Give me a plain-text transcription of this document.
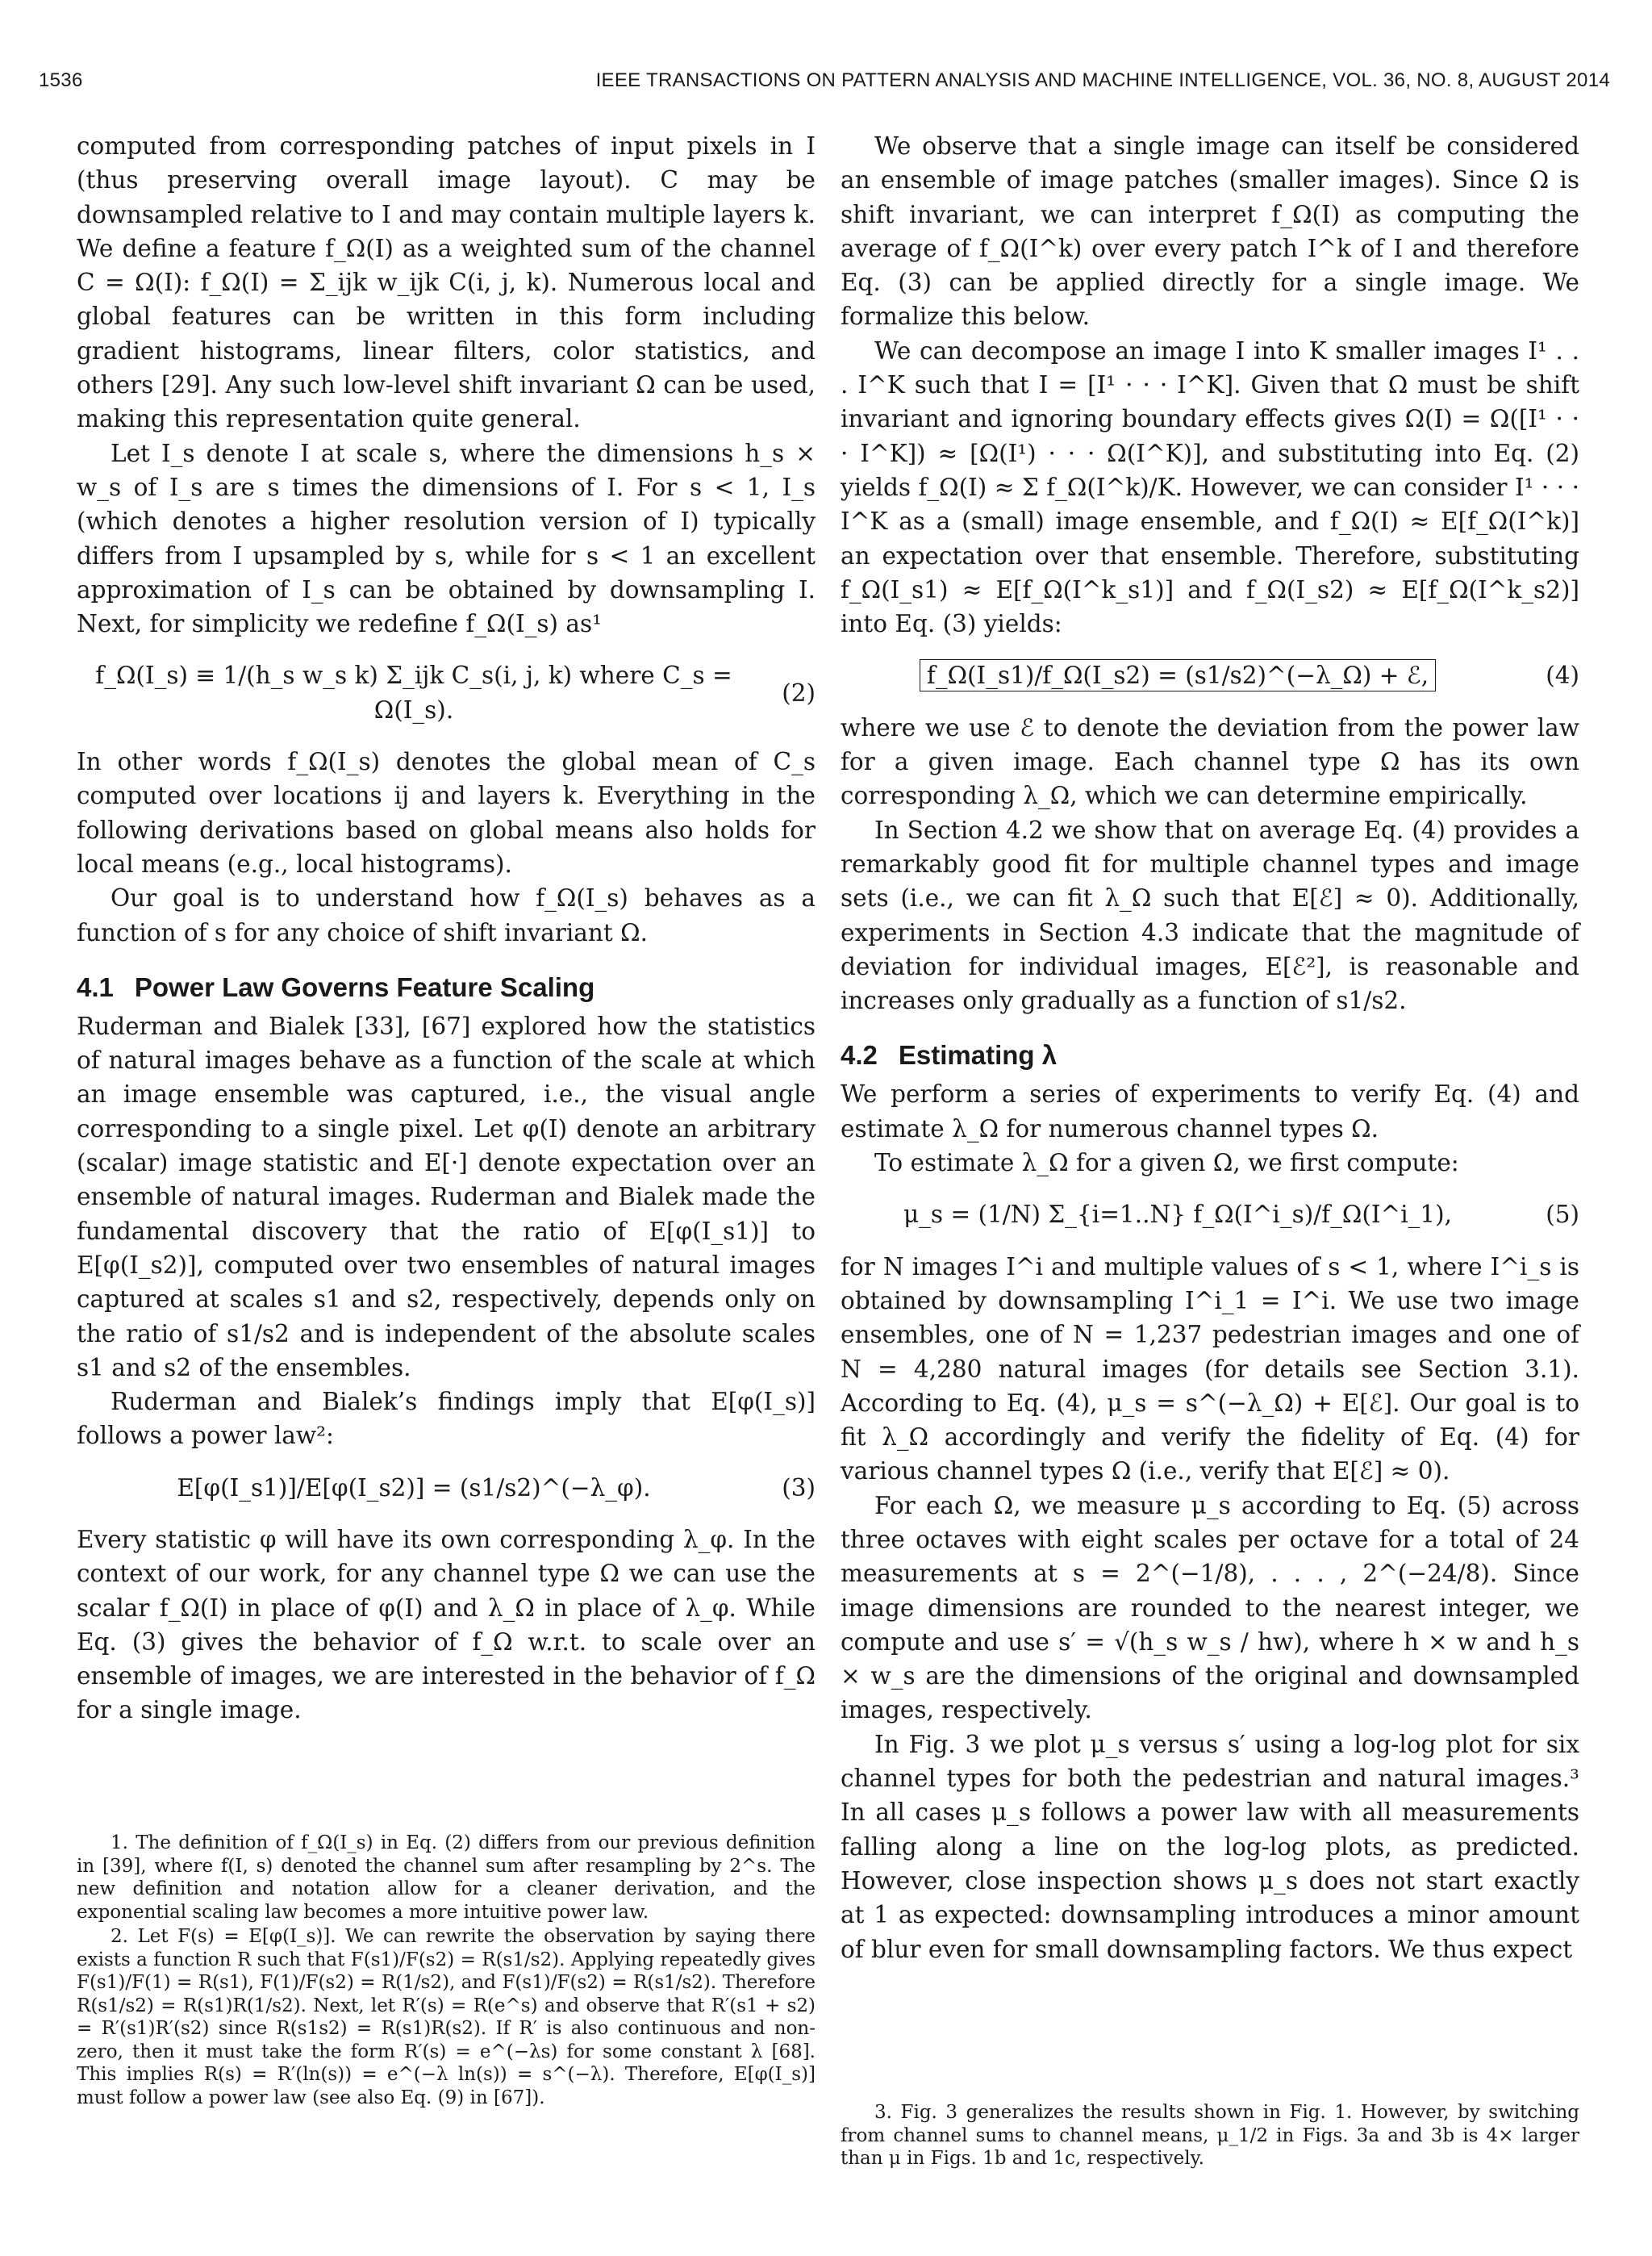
1536	IEEE TRANSACTIONS ON PATTERN ANALYSIS AND MACHINE INTELLIGENCE, VOL. 36, NO. 8, AUGUST 2014

computed from corresponding patches of input pixels in I (thus preserving overall image layout). C may be downsampled relative to I and may contain multiple layers k. We define a feature f_Ω(I) as a weighted sum of the channel C = Ω(I): f_Ω(I) = Σ_ijk w_ijk C(i, j, k). Numerous local and global features can be written in this form including gradient histograms, linear filters, color statistics, and others [29]. Any such low-level shift invariant Ω can be used, making this representation quite general.

Let I_s denote I at scale s, where the dimensions h_s × w_s of I_s are s times the dimensions of I. For s < 1, I_s (which denotes a higher resolution version of I) typically differs from I upsampled by s, while for s < 1 an excellent approximation of I_s can be obtained by downsampling I. Next, for simplicity we redefine f_Ω(I_s) as¹

f_Ω(I_s) ≡ 1/(h_s w_s k) Σ_ijk C_s(i, j, k) where C_s = Ω(I_s).
(2)

In other words f_Ω(I_s) denotes the global mean of C_s computed over locations ij and layers k. Everything in the following derivations based on global means also holds for local means (e.g., local histograms).

Our goal is to understand how f_Ω(I_s) behaves as a function of s for any choice of shift invariant Ω.

4.1 Power Law Governs Feature Scaling

Ruderman and Bialek [33], [67] explored how the statistics of natural images behave as a function of the scale at which an image ensemble was captured, i.e., the visual angle corresponding to a single pixel. Let φ(I) denote an arbitrary (scalar) image statistic and E[·] denote expectation over an ensemble of natural images. Ruderman and Bialek made the fundamental discovery that the ratio of E[φ(I_s1)] to E[φ(I_s2)], computed over two ensembles of natural images captured at scales s1 and s2, respectively, depends only on the ratio of s1/s2 and is independent of the absolute scales s1 and s2 of the ensembles.

Ruderman and Bialek’s findings imply that E[φ(I_s)] follows a power law²:

E[φ(I_s1)]/E[φ(I_s2)] = (s1/s2)^(−λ_φ).	(3)

Every statistic φ will have its own corresponding λ_φ. In the context of our work, for any channel type Ω we can use the scalar f_Ω(I) in place of φ(I) and λ_Ω in place of λ_φ. While Eq. (3) gives the behavior of f_Ω w.r.t. to scale over an ensemble of images, we are interested in the behavior of f_Ω for a single image.

1. The definition of f_Ω(I_s) in Eq. (2) differs from our previous definition in [39], where f(I, s) denoted the channel sum after resampling by 2^s. The new definition and notation allow for a cleaner derivation, and the exponential scaling law becomes a more intuitive power law.

2. Let F(s) = E[φ(I_s)]. We can rewrite the observation by saying there exists a function R such that F(s1)/F(s2) = R(s1/s2). Applying repeatedly gives F(s1)/F(1) = R(s1), F(1)/F(s2) = R(1/s2), and F(s1)/F(s2) = R(s1/s2). Therefore R(s1/s2) = R(s1)R(1/s2). Next, let R′(s) = R(e^s) and observe that R′(s1 + s2) = R′(s1)R′(s2) since R(s1s2) = R(s1)R(s2). If R′ is also continuous and non-zero, then it must take the form R′(s) = e^(−λs) for some constant λ [68]. This implies R(s) = R′(ln(s)) = e^(−λ ln(s)) = s^(−λ). Therefore, E[φ(I_s)] must follow a power law (see also Eq. (9) in [67]).

We observe that a single image can itself be considered an ensemble of image patches (smaller images). Since Ω is shift invariant, we can interpret f_Ω(I) as computing the average of f_Ω(I^k) over every patch I^k of I and therefore Eq. (3) can be applied directly for a single image. We formalize this below.

We can decompose an image I into K smaller images I¹ . . . I^K such that I = [I¹ · · · I^K]. Given that Ω must be shift invariant and ignoring boundary effects gives Ω(I) = Ω([I¹ · · · I^K]) ≈ [Ω(I¹) · · · Ω(I^K)], and substituting into Eq. (2) yields f_Ω(I) ≈ Σ f_Ω(I^k)/K. However, we can consider I¹ · · · I^K as a (small) image ensemble, and f_Ω(I) ≈ E[f_Ω(I^k)] an expectation over that ensemble. Therefore, substituting f_Ω(I_s1) ≈ E[f_Ω(I^k_s1)] and f_Ω(I_s2) ≈ E[f_Ω(I^k_s2)] into Eq. (3) yields:

f_Ω(I_s1)/f_Ω(I_s2) = (s1/s2)^(−λ_Ω) + ℰ,	(4)

where we use ℰ to denote the deviation from the power law for a given image. Each channel type Ω has its own corresponding λ_Ω, which we can determine empirically.

In Section 4.2 we show that on average Eq. (4) provides a remarkably good fit for multiple channel types and image sets (i.e., we can fit λ_Ω such that E[ℰ] ≈ 0). Additionally, experiments in Section 4.3 indicate that the magnitude of deviation for individual images, E[ℰ²], is reasonable and increases only gradually as a function of s1/s2.

4.2 Estimating λ

We perform a series of experiments to verify Eq. (4) and estimate λ_Ω for numerous channel types Ω.

To estimate λ_Ω for a given Ω, we first compute:

μ_s = (1/N) Σ_{i=1..N} f_Ω(I^i_s)/f_Ω(I^i_1),	(5)

for N images I^i and multiple values of s < 1, where I^i_s is obtained by downsampling I^i_1 = I^i. We use two image ensembles, one of N = 1,237 pedestrian images and one of N = 4,280 natural images (for details see Section 3.1). According to Eq. (4), μ_s = s^(−λ_Ω) + E[ℰ]. Our goal is to fit λ_Ω accordingly and verify the fidelity of Eq. (4) for various channel types Ω (i.e., verify that E[ℰ] ≈ 0).

For each Ω, we measure μ_s according to Eq. (5) across three octaves with eight scales per octave for a total of 24 measurements at s = 2^(−1/8), . . . , 2^(−24/8). Since image dimensions are rounded to the nearest integer, we compute and use s′ = √(h_s w_s / hw), where h × w and h_s × w_s are the dimensions of the original and downsampled images, respectively.

In Fig. 3 we plot μ_s versus s′ using a log-log plot for six channel types for both the pedestrian and natural images.³ In all cases μ_s follows a power law with all measurements falling along a line on the log-log plots, as predicted. However, close inspection shows μ_s does not start exactly at 1 as expected: downsampling introduces a minor amount of blur even for small downsampling factors. We thus expect

3. Fig. 3 generalizes the results shown in Fig. 1. However, by switching from channel sums to channel means, μ_1/2 in Figs. 3a and 3b is 4× larger than μ in Figs. 1b and 1c, respectively.
